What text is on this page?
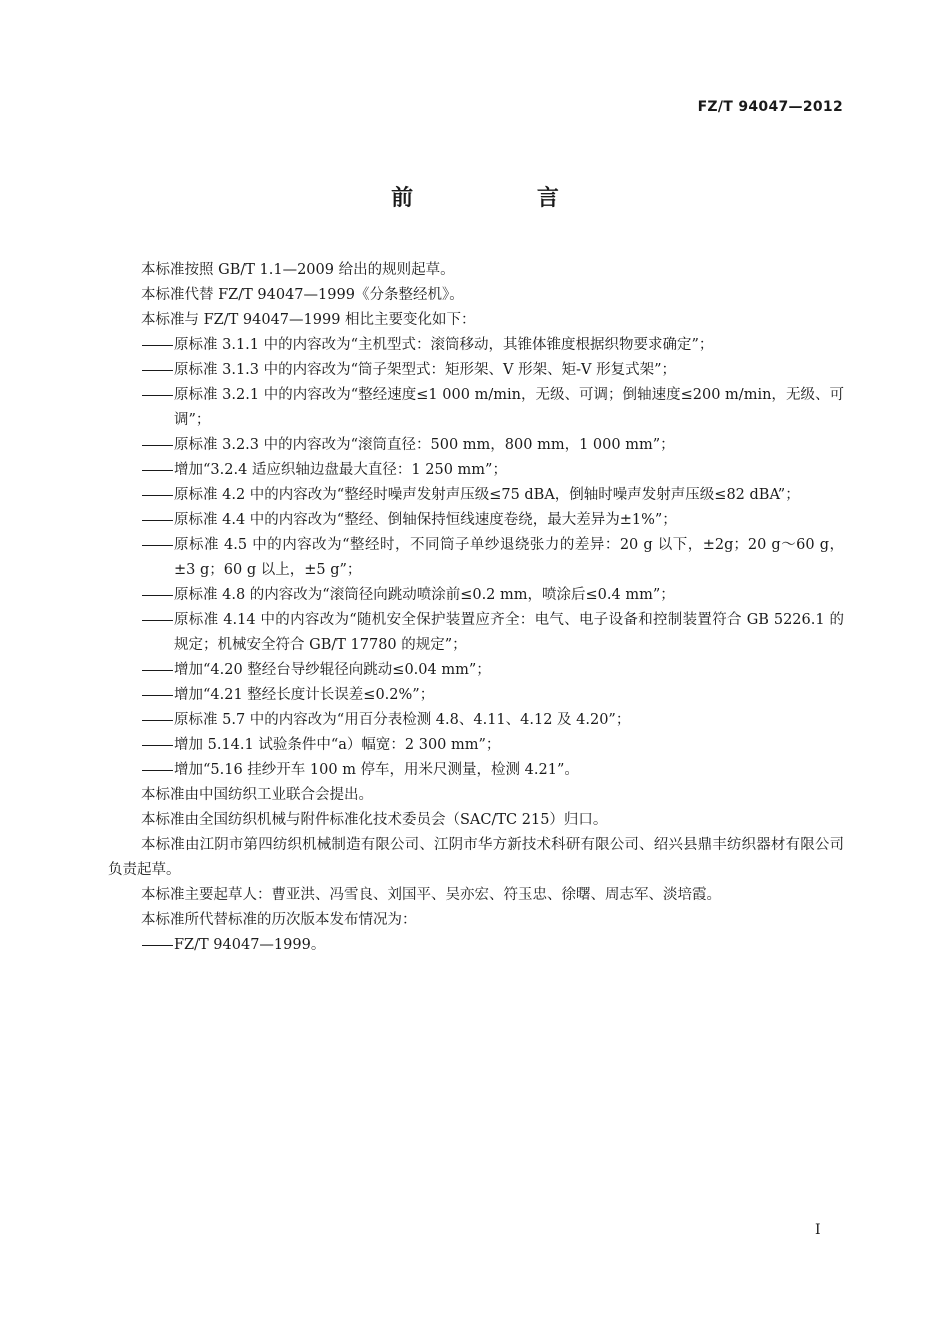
FZ/T 94047—2012
前 言

本标准按照 GB/T 1.1—2009 给出的规则起草。

本标准代替 FZ/T 94047—1999《分条整经机》。

本标准与 FZ/T 94047—1999 相比主要变化如下：

原标准 3.1.1 中的内容改为“主机型式：滚筒移动，其锥体锥度根据织物要求确定”；
原标准 3.1.3 中的内容改为“筒子架型式：矩形架、V 形架、矩-V 形复式架”；
原标准 3.2.1 中的内容改为“整经速度≤1 000 m/min，无级、可调；倒轴速度≤200 m/min，无级、可调”；
原标准 3.2.3 中的内容改为“滚筒直径：500 mm，800 mm，1 000 mm”；
增加“3.2.4 适应织轴边盘最大直径：1 250 mm”；
原标准 4.2 中的内容改为“整经时噪声发射声压级≤75 dBA，倒轴时噪声发射声压级≤82 dBA”；
原标准 4.4 中的内容改为“整经、倒轴保持恒线速度卷绕，最大差异为±1%”；
原标准 4.5 中的内容改为“整经时，不同筒子单纱退绕张力的差异：20 g 以下，±2g；20 g～60 g，±3 g；60 g 以上，±5 g”；
原标准 4.8 的内容改为“滚筒径向跳动喷涂前≤0.2 mm，喷涂后≤0.4 mm”；
原标准 4.14 中的内容改为“随机安全保护装置应齐全：电气、电子设备和控制装置符合 GB 5226.1 的规定；机械安全符合 GB/T 17780 的规定”；
增加“4.20 整经台导纱辊径向跳动≤0.04 mm”；
增加“4.21 整经长度计长误差≤0.2%”；
原标准 5.7 中的内容改为“用百分表检测 4.8、4.11、4.12 及 4.20”；
增加 5.14.1 试验条件中“a）幅宽：2 300 mm”；
增加“5.16 挂纱开车 100 m 停车，用米尺测量，检测 4.21”。

本标准由中国纺织工业联合会提出。

本标准由全国纺织机械与附件标准化技术委员会（SAC/TC 215）归口。

本标准由江阴市第四纺织机械制造有限公司、江阴市华方新技术科研有限公司、绍兴县鼎丰纺织器材有限公司负责起草。

本标准主要起草人：曹亚洪、冯雪良、刘国平、吴亦宏、符玉忠、徐曙、周志军、淡培霞。

本标准所代替标准的历次版本发布情况为：

FZ/T 94047—1999。
I
